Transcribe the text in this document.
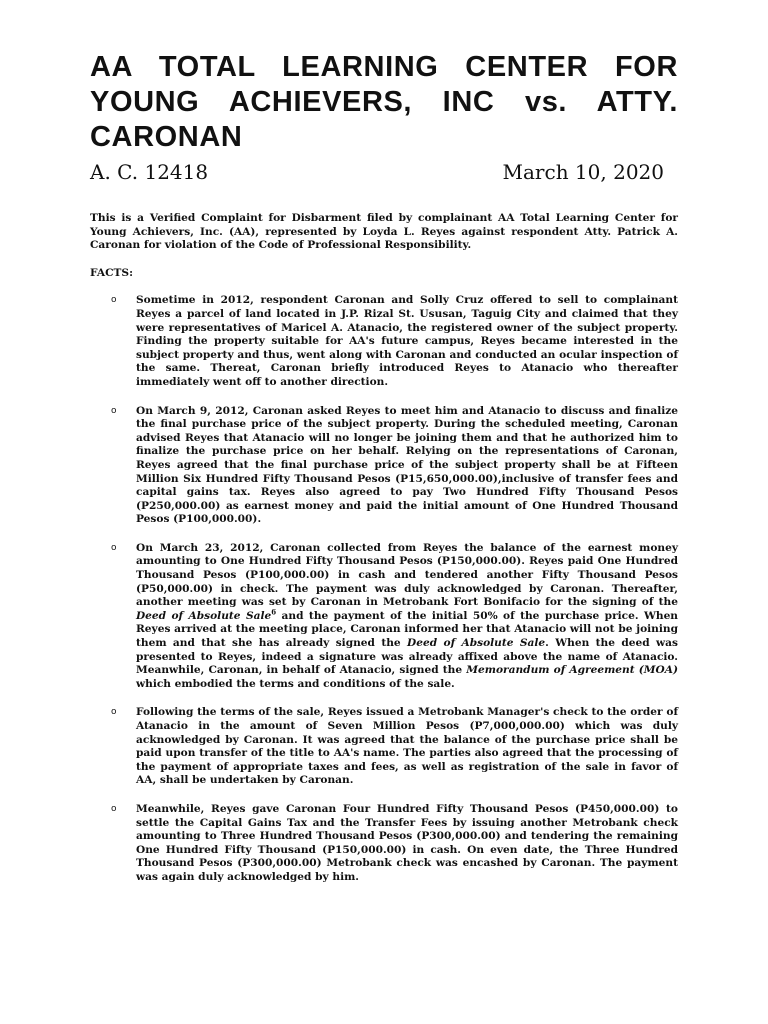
AA TOTAL LEARNING CENTER FOR YOUNG ACHIEVERS, INC vs. ATTY. CARONAN
A. C. 12418	March 10, 2020

This is a Verified Complaint for Disbarment filed by complainant AA Total Learning Center for Young Achievers, Inc. (AA), represented by Loyda L. Reyes against respondent Atty. Patrick A. Caronan for violation of the Code of Professional Responsibility.

FACTS:

o Sometime in 2012, respondent Caronan and Solly Cruz offered to sell to complainant Reyes a parcel of land located in J.P. Rizal St. Ususan, Taguig City and claimed that they were representatives of Maricel A. Atanacio, the registered owner of the subject property. Finding the property suitable for AA's future campus, Reyes became interested in the subject property and thus, went along with Caronan and conducted an ocular inspection of the same. Thereat, Caronan briefly introduced Reyes to Atanacio who thereafter immediately went off to another direction.
o On March 9, 2012, Caronan asked Reyes to meet him and Atanacio to discuss and finalize the final purchase price of the subject property. During the scheduled meeting, Caronan advised Reyes that Atanacio will no longer be joining them and that he authorized him to finalize the purchase price on her behalf. Relying on the representations of Caronan, Reyes agreed that the final purchase price of the subject property shall be at Fifteen Million Six Hundred Fifty Thousand Pesos (P15,650,000.00),inclusive of transfer fees and capital gains tax. Reyes also agreed to pay Two Hundred Fifty Thousand Pesos (P250,000.00) as earnest money and paid the initial amount of One Hundred Thousand Pesos (P100,000.00).
o On March 23, 2012, Caronan collected from Reyes the balance of the earnest money amounting to One Hundred Fifty Thousand Pesos (P150,000.00). Reyes paid One Hundred Thousand Pesos (P100,000.00) in cash and tendered another Fifty Thousand Pesos (P50,000.00) in check. The payment was duly acknowledged by Caronan. Thereafter, another meeting was set by Caronan in Metrobank Fort Bonifacio for the signing of the Deed of Absolute Sale$^6$ and the payment of the initial 50% of the purchase price. When Reyes arrived at the meeting place, Caronan informed her that Atanacio will not be joining them and that she has already signed the Deed of Absolute Sale. When the deed was presented to Reyes, indeed a signature was already affixed above the name of Atanacio. Meanwhile, Caronan, in behalf of Atanacio, signed the Memorandum of Agreement (MOA) which embodied the terms and conditions of the sale.
o Following the terms of the sale, Reyes issued a Metrobank Manager's check to the order of Atanacio in the amount of Seven Million Pesos (P7,000,000.00) which was duly acknowledged by Caronan. It was agreed that the balance of the purchase price shall be paid upon transfer of the title to AA's name. The parties also agreed that the processing of the payment of appropriate taxes and fees, as well as registration of the sale in favor of AA, shall be undertaken by Caronan.
o Meanwhile, Reyes gave Caronan Four Hundred Fifty Thousand Pesos (P450,000.00) to settle the Capital Gains Tax and the Transfer Fees by issuing another Metrobank check amounting to Three Hundred Thousand Pesos (P300,000.00) and tendering the remaining One Hundred Fifty Thousand (P150,000.00) in cash. On even date, the Three Hundred Thousand Pesos (P300,000.00) Metrobank check was encashed by Caronan. The payment was again duly acknowledged by him.
